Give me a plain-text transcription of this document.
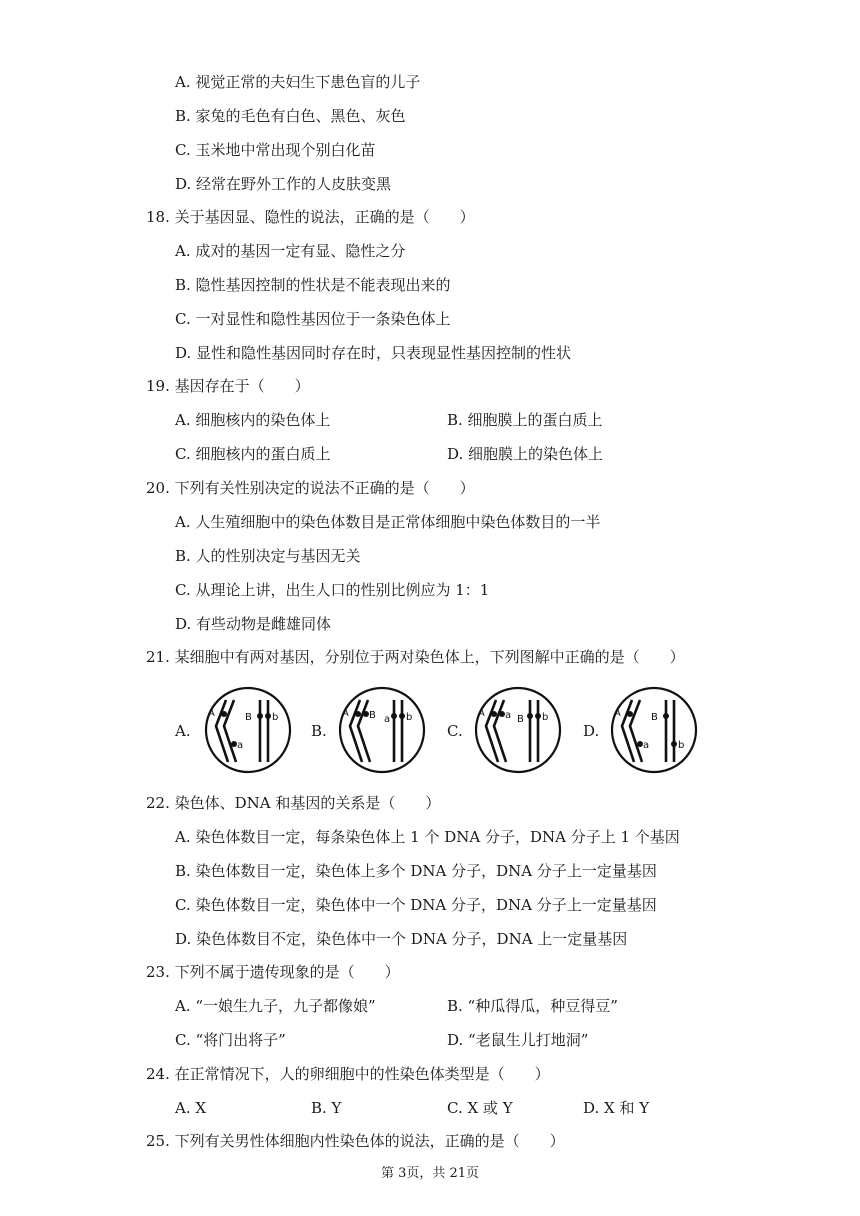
A. 视觉正常的夫妇生下患色盲的儿子
B. 家兔的毛色有白色、黑色、灰色
C. 玉米地中常出现个别白化苗
D. 经常在野外工作的人皮肤变黑
18. 关于基因显、隐性的说法，正确的是（　　）
A. 成对的基因一定有显、隐性之分
B. 隐性基因控制的性状是不能表现出来的
C. 一对显性和隐性基因位于一条染色体上
D. 显性和隐性基因同时存在时，只表现显性基因控制的性状
19. 基因存在于（　　）
A. 细胞核内的染色体上	B. 细胞膜上的蛋白质上
C. 细胞核内的蛋白质上	D. 细胞膜上的染色体上
20. 下列有关性别决定的说法不正确的是（　　）
A. 人生殖细胞中的染色体数目是正常体细胞中染色体数目的一半
B. 人的性别决定与基因无关
C. 从理论上讲，出生人口的性别比例应为 1：1
D. 有些动物是雌雄同体
21. 某细胞中有两对基因，分别位于两对染色体上，下列图解中正确的是（　　）
A.
A
a
B b
B.
A B a b
C.
A a B b
D.
A
a
B
b
22. 染色体、DNA 和基因的关系是（　　）
A. 染色体数目一定，每条染色体上 1 个 DNA 分子，DNA 分子上 1 个基因
B. 染色体数目一定，染色体上多个 DNA 分子，DNA 分子上一定量基因
C. 染色体数目一定，染色体中一个 DNA 分子，DNA 分子上一定量基因
D. 染色体数目不定，染色体中一个 DNA 分子，DNA 上一定量基因
23. 下列不属于遗传现象的是（　　）
A. “一娘生九子，九子都像娘”	B. “种瓜得瓜，种豆得豆”
C. “将门出将子”	D. “老鼠生儿打地洞”
24. 在正常情况下，人的卵细胞中的性染色体类型是（　　）
A. X	B. Y	C. X 或 Y	D. X 和 Y
25. 下列有关男性体细胞内性染色体的说法，正确的是（　　）
第 3页，共 21页
